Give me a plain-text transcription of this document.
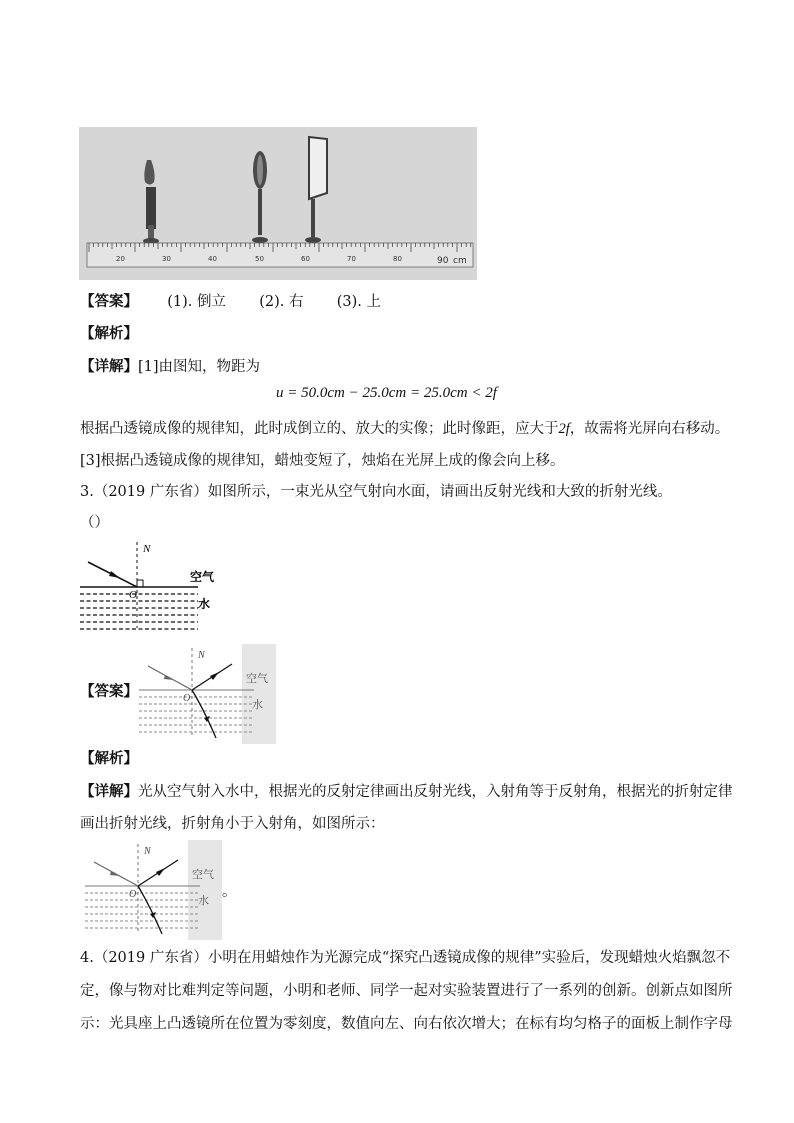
20	30	40	50	60	70	80	90 cm
【答案】 (1). 倒立 (2). 右 (3). 上
【解析】
【详解】[1]由图知，物距为
u = 50.0cm − 25.0cm = 25.0cm < 2f
根据凸透镜成像的规律知，此时成倒立的、放大的实像；此时像距，应大于2f，故需将光屏向右移动。
[3]根据凸透镜成像的规律知，蜡烛变短了，烛焰在光屏上成的像会向上移。
3.（2019 广东省）如图所示，一束光从空气射向水面，请画出反射光线和大致的折射光线。
（）
N
O
空气
水
【答案】
N
O
空气
水
【解析】
【详解】光从空气射入水中，根据光的反射定律画出反射光线，入射角等于反射角，根据光的折射定律
画出折射光线，折射角小于入射角，如图所示：
N
O
空气
水
。
4.（2019 广东省）小明在用蜡烛作为光源完成“探究凸透镜成像的规律”实验后，发现蜡烛火焰飘忽不
定，像与物对比难判定等问题，小明和老师、同学一起对实验装置进行了一系列的创新。创新点如图所
示：光具座上凸透镜所在位置为零刻度，数值向左、向右依次增大；在标有均匀格子的面板上制作字母
